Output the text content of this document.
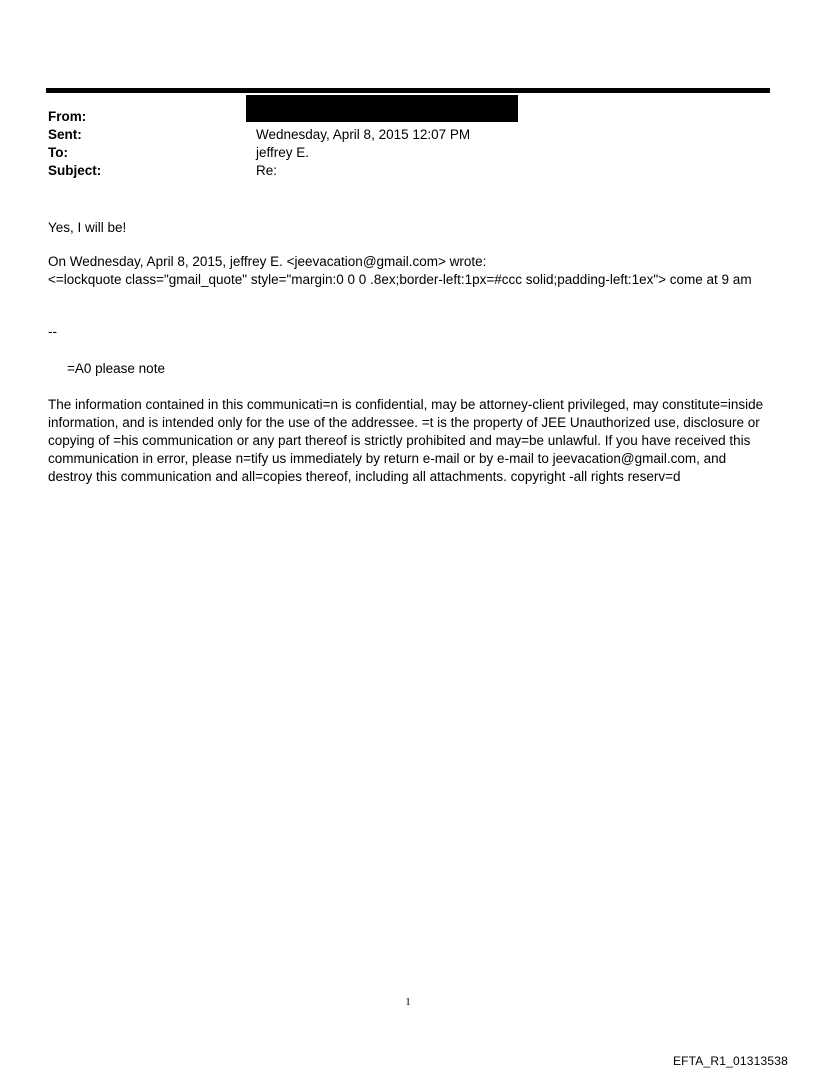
From:
Sent:	Wednesday, April 8, 2015 12:07 PM
To:	jeffrey E.
Subject:	Re:
Yes, I will be!
On Wednesday, April 8, 2015, jeffrey E. <jeevacation@gmail.com> wrote:
<=lockquote class="gmail_quote" style="margin:0 0 0 .8ex;border-left:1px=#ccc solid;padding-left:1ex"> come at 9 am
--
=A0 please note
The information contained in this communicati=n is confidential, may be attorney-client privileged, may constitute=inside information, and is intended only for the use of the addressee. =t is the property of JEE Unauthorized use, disclosure or copying of =his communication or any part thereof is strictly prohibited and may=be unlawful. If you have received this communication in error, please n=tify us immediately by return e-mail or by e-mail to jeevacation@gmail.com, and destroy this communication and all=copies thereof, including all attachments. copyright -all rights reserv=d
1
EFTA_R1_01313538
